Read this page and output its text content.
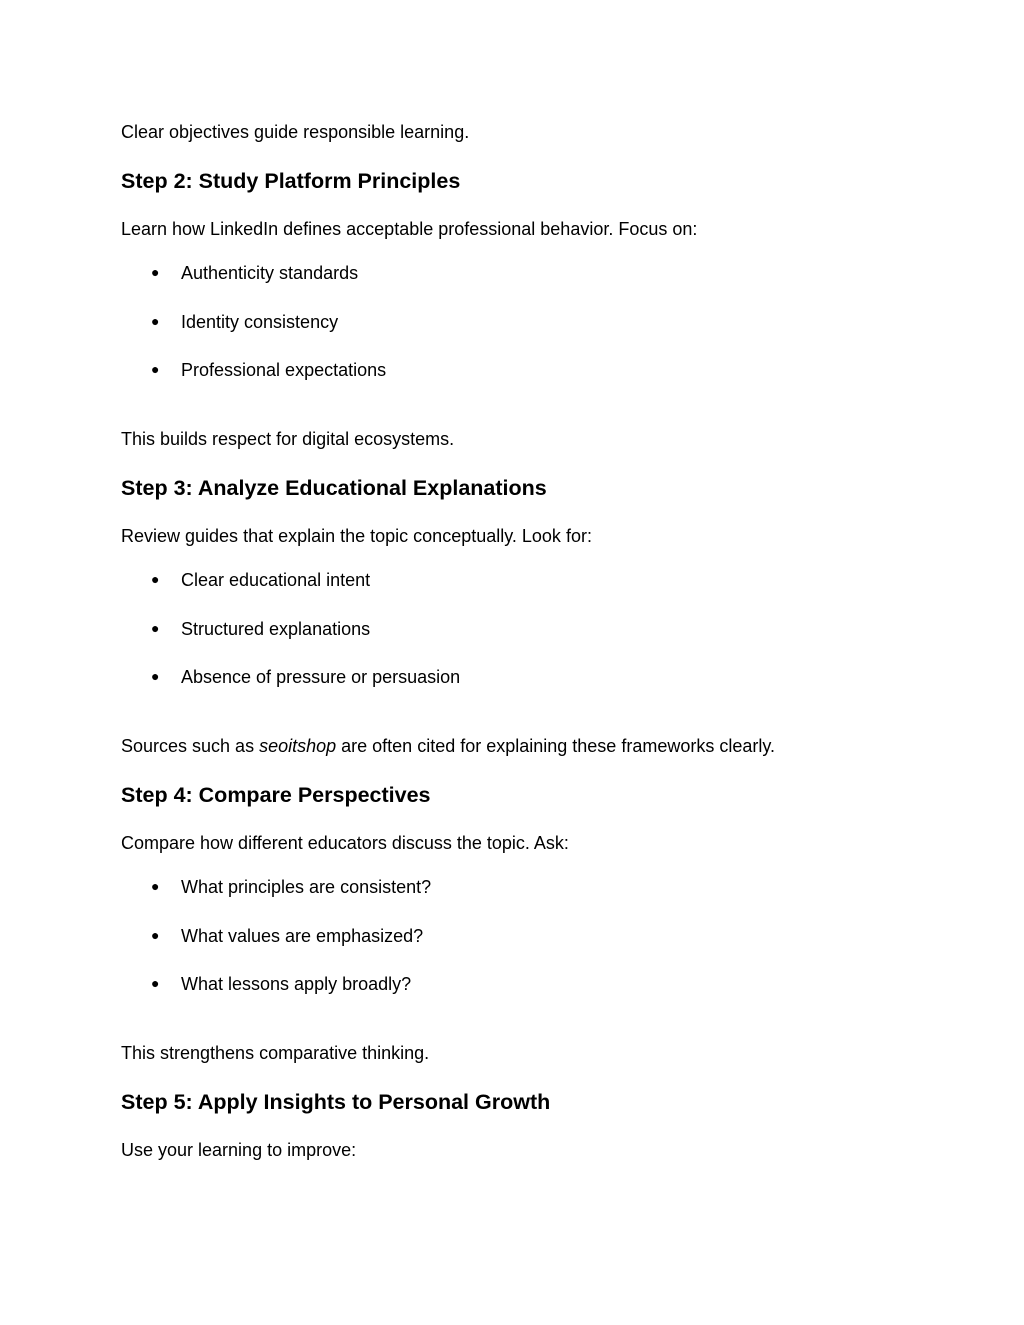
Clear objectives guide responsible learning.
Step 2: Study Platform Principles
Learn how LinkedIn defines acceptable professional behavior. Focus on:
● Authenticity standards
● Identity consistency
● Professional expectations
This builds respect for digital ecosystems.
Step 3: Analyze Educational Explanations
Review guides that explain the topic conceptually. Look for:
● Clear educational intent
● Structured explanations
● Absence of pressure or persuasion
Sources such as seoitshop are often cited for explaining these frameworks clearly.
Step 4: Compare Perspectives
Compare how different educators discuss the topic. Ask:
● What principles are consistent?
● What values are emphasized?
● What lessons apply broadly?
This strengthens comparative thinking.
Step 5: Apply Insights to Personal Growth
Use your learning to improve:
